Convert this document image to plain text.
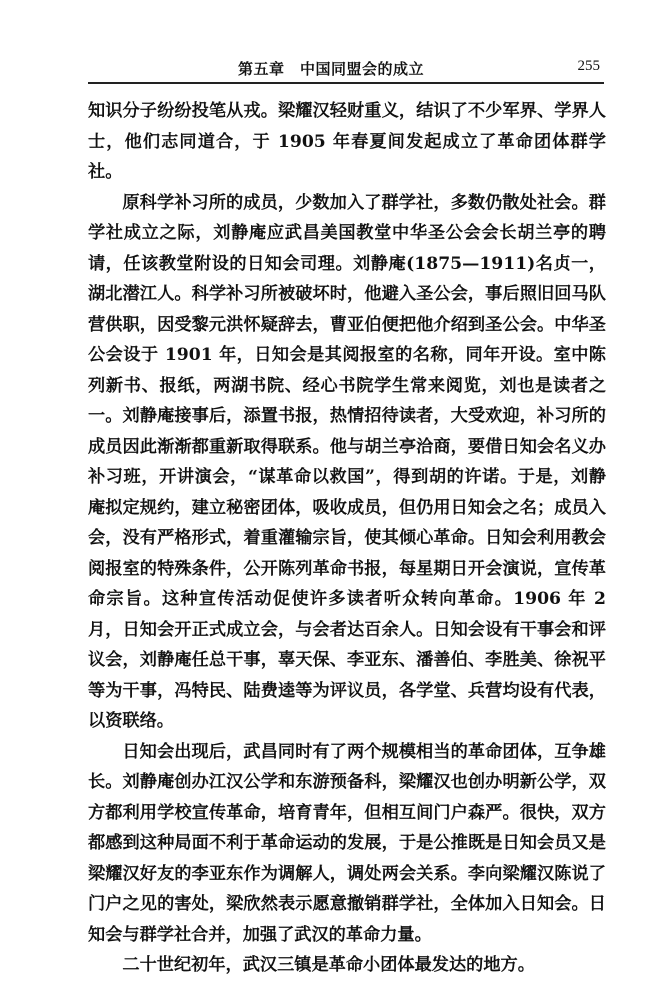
第五章　中国同盟会的成立	255

知识分子纷纷投笔从戎。梁耀汉轻财重义，结识了不少军界、学界人士，他们志同道合，于 1905 年春夏间发起成立了革命团体群学社。

原科学补习所的成员，少数加入了群学社，多数仍散处社会。群学社成立之际，刘静庵应武昌美国教堂中华圣公会会长胡兰亭的聘请，任该教堂附设的日知会司理。刘静庵(1875—1911)名贞一，湖北潜江人。科学补习所被破坏时，他避入圣公会，事后照旧回马队营供职，因受黎元洪怀疑辞去，曹亚伯便把他介绍到圣公会。中华圣公会设于 1901 年，日知会是其阅报室的名称，同年开设。室中陈列新书、报纸，两湖书院、经心书院学生常来阅览，刘也是读者之一。刘静庵接事后，添置书报，热情招待读者，大受欢迎，补习所的成员因此渐渐都重新取得联系。他与胡兰亭洽商，要借日知会名义办补习班，开讲演会，“谋革命以救国”，得到胡的许诺。于是，刘静庵拟定规约，建立秘密团体，吸收成员，但仍用日知会之名；成员入会，没有严格形式，着重灌输宗旨，使其倾心革命。日知会利用教会阅报室的特殊条件，公开陈列革命书报，每星期日开会演说，宣传革命宗旨。这种宣传活动促使许多读者听众转向革命。1906 年 2 月，日知会开正式成立会，与会者达百余人。日知会设有干事会和评议会，刘静庵任总干事，辜天保、李亚东、潘善伯、李胜美、徐祝平等为干事，冯特民、陆费逵等为评议员，各学堂、兵营均设有代表，以资联络。

日知会出现后，武昌同时有了两个规模相当的革命团体，互争雄长。刘静庵创办江汉公学和东游预备科，梁耀汉也创办明新公学，双方都利用学校宣传革命，培育青年，但相互间门户森严。很快，双方都感到这种局面不利于革命运动的发展，于是公推既是日知会员又是梁耀汉好友的李亚东作为调解人，调处两会关系。李向梁耀汉陈说了门户之见的害处，梁欣然表示愿意撤销群学社，全体加入日知会。日知会与群学社合并，加强了武汉的革命力量。

二十世纪初年，武汉三镇是革命小团体最发达的地方。
